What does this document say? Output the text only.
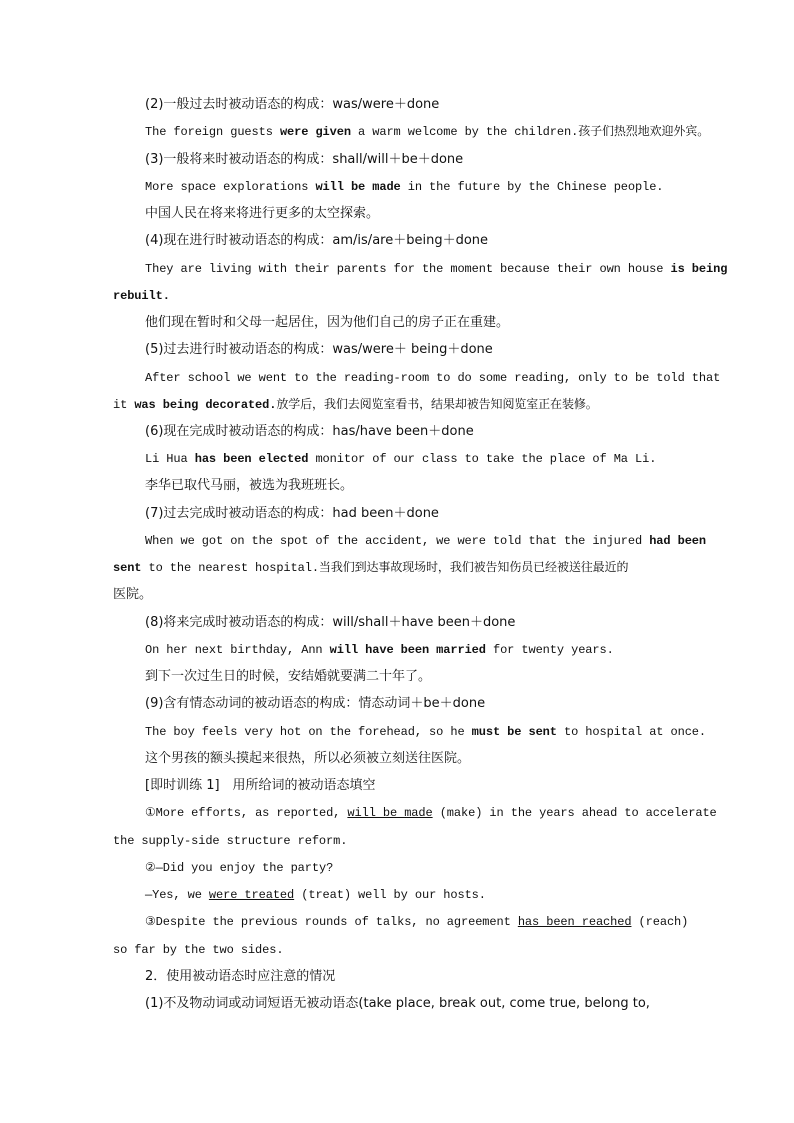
(2)一般过去时被动语态的构成：was/were＋done
The foreign guests were given a warm welcome by the children.孩子们热烈地欢迎外宾。
(3)一般将来时被动语态的构成：shall/will＋be＋done
More space explorations will be made in the future by the Chinese people.
中国人民在将来将进行更多的太空探索。
(4)现在进行时被动语态的构成：am/is/are＋being＋done
They are living with their parents for the moment because their own house is being
rebuilt.
他们现在暂时和父母一起居住，因为他们自己的房子正在重建。
(5)过去进行时被动语态的构成：was/were＋ being＋done
After school we went to the reading-room to do some reading, only to be told that
it was being decorated.放学后，我们去阅览室看书，结果却被告知阅览室正在装修。
(6)现在完成时被动语态的构成：has/have been＋done
Li Hua has been elected monitor of our class to take the place of Ma Li.
李华已取代马丽，被选为我班班长。
(7)过去完成时被动语态的构成：had been＋done
When we got on the spot of the accident, we were told that the injured had been
sent to the nearest hospital.当我们到达事故现场时，我们被告知伤员已经被送往最近的
医院。
(8)将来完成时被动语态的构成：will/shall＋have been＋done
On her next birthday, Ann will have been married for twenty years.
到下一次过生日的时候，安结婚就要满二十年了。
(9)含有情态动词的被动语态的构成：情态动词＋be＋done
The boy feels very hot on the forehead, so he must be sent to hospital at once.
这个男孩的额头摸起来很热，所以必须被立刻送往医院。
[即时训练 1]　用所给词的被动语态填空
①More efforts, as reported, will be made (make) in the years ahead to accelerate
the supply-side structure reform.
②—Did you enjoy the party?
—Yes, we were treated (treat) well by our hosts.
③Despite the previous rounds of talks, no agreement has been reached (reach)
so far by the two sides.
2．使用被动语态时应注意的情况
(1)不及物动词或动词短语无被动语态(take place, break out, come true, belong to,
